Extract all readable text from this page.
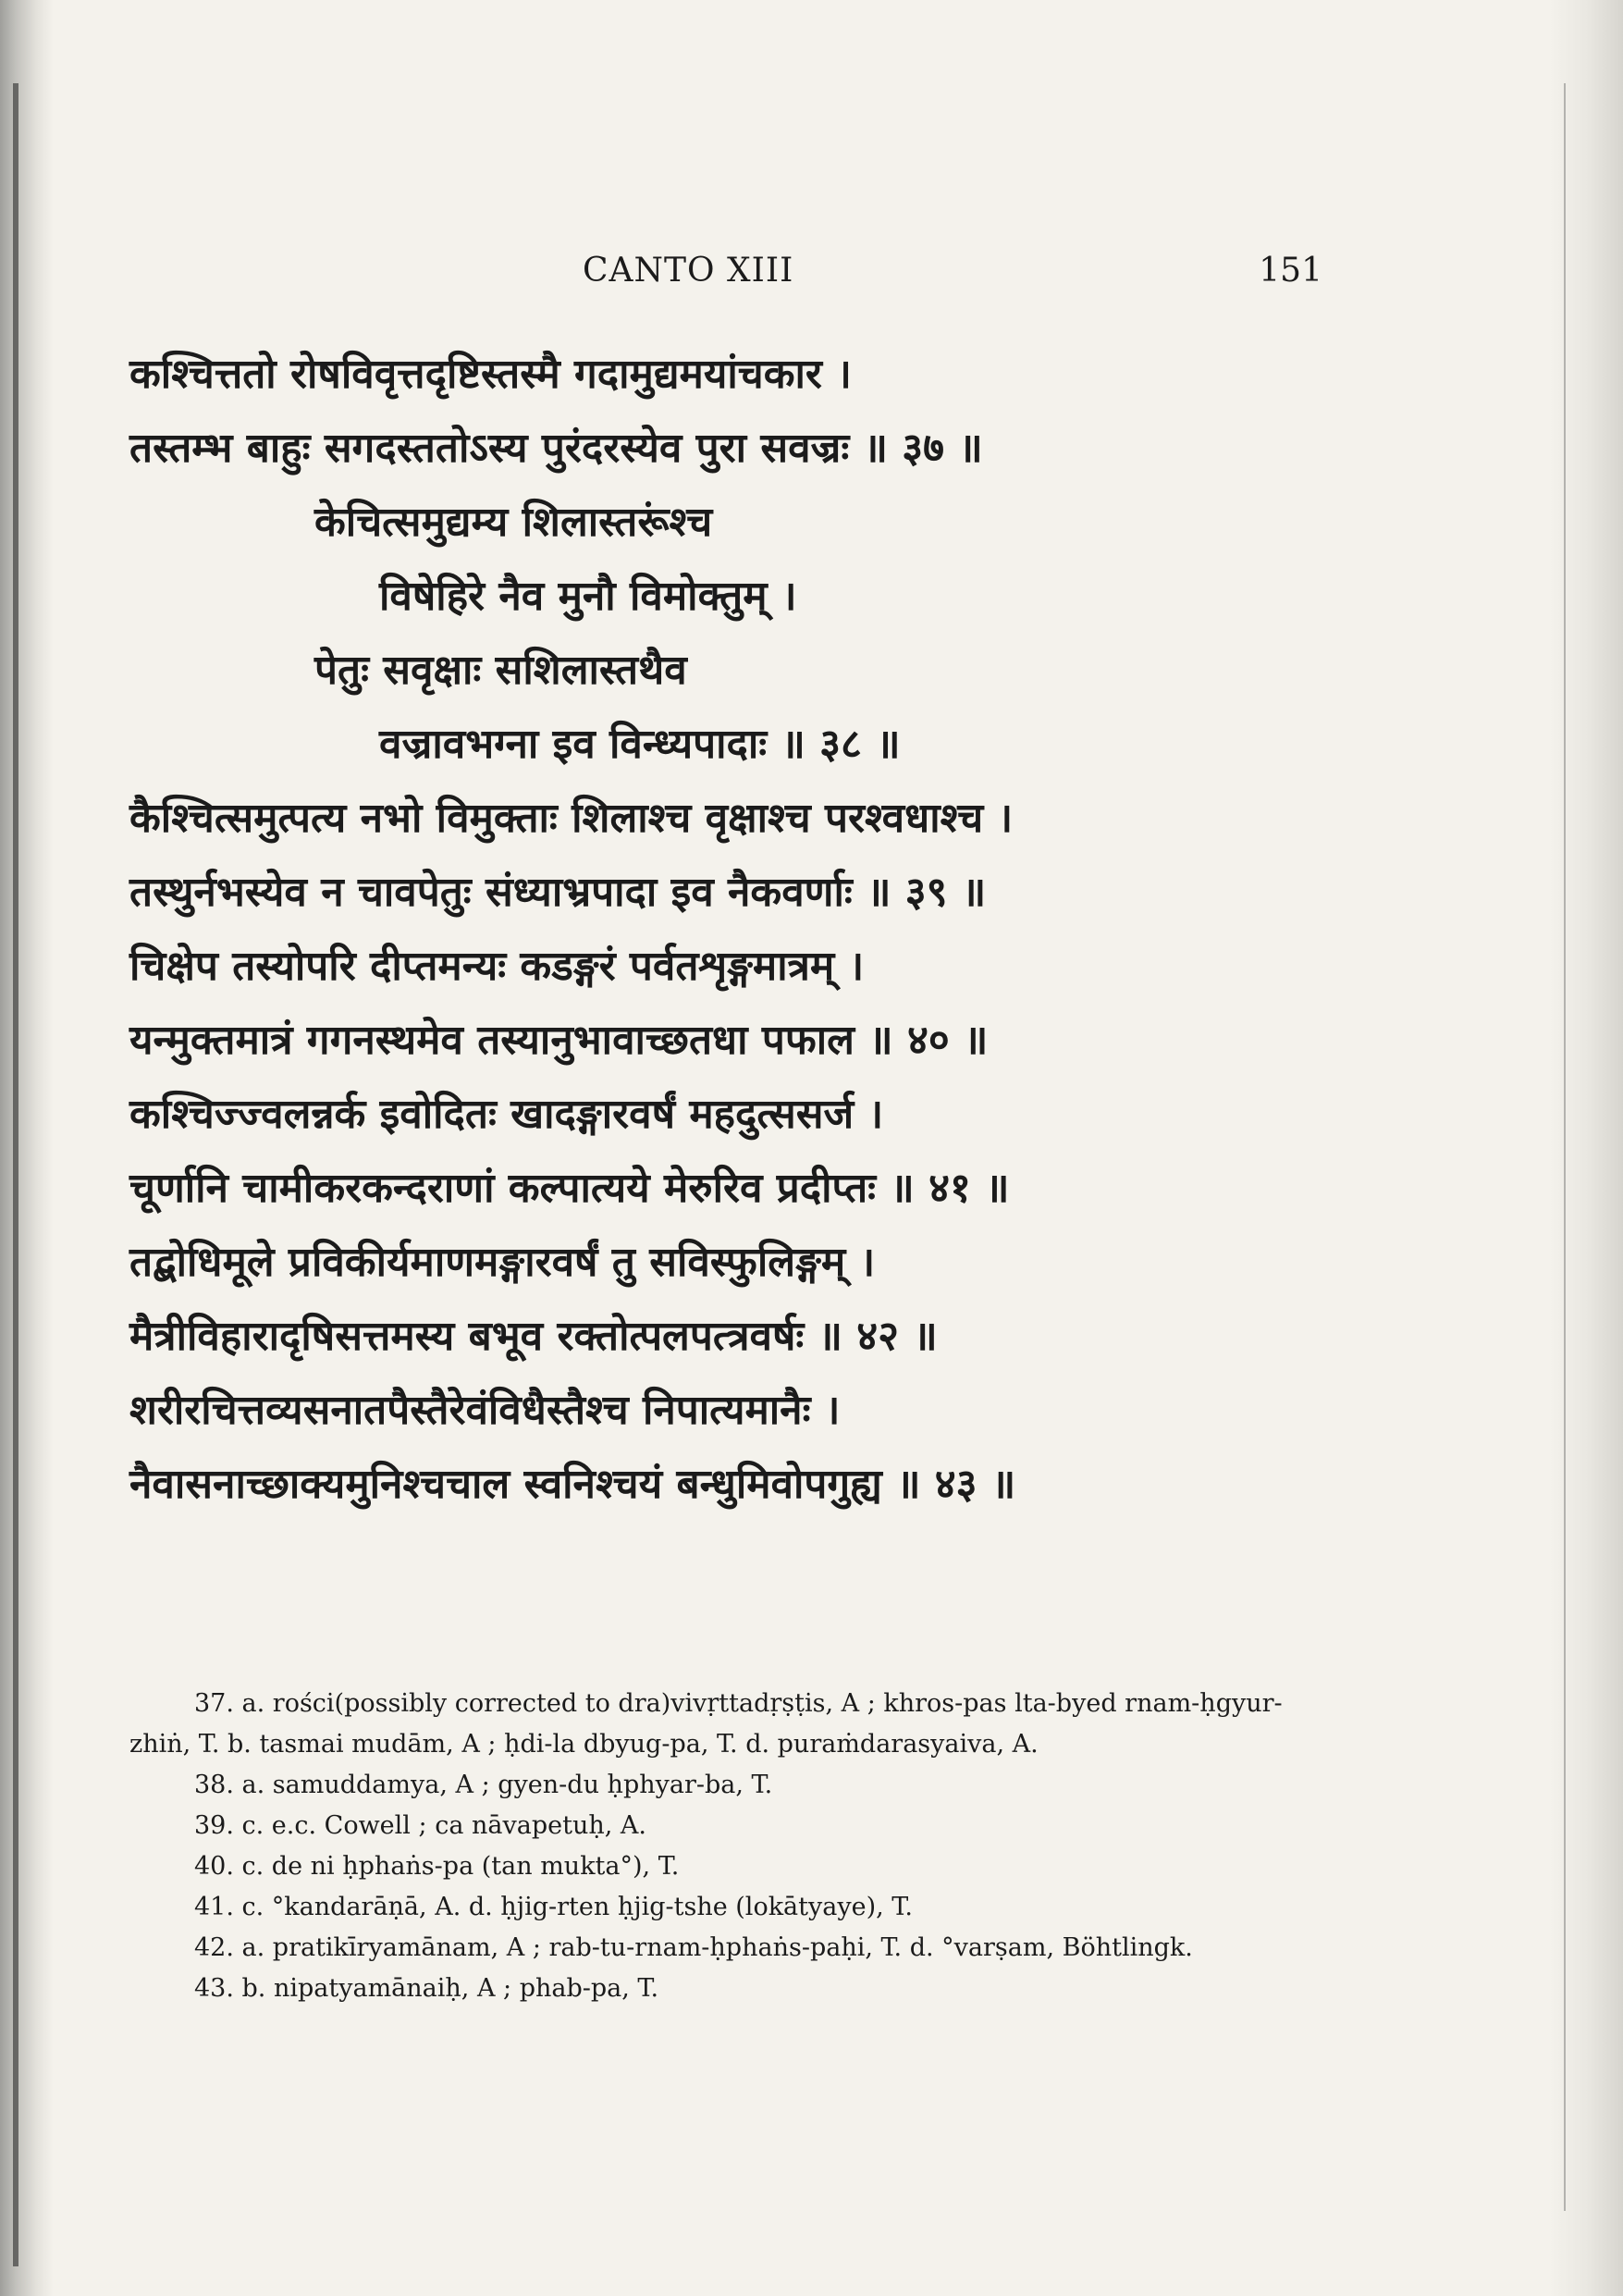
CANTO XIII	151
कश्चित्ततो रोषविवृत्तदृष्टिस्तस्मै गदामुद्यमयांचकार ।
तस्तम्भ बाहुः सगदस्ततोऽस्य पुरंदरस्येव पुरा सवज्रः ॥ ३७ ॥
केचित्समुद्यम्य शिलास्तरूंश्च
विषेहिरे नैव मुनौ विमोक्तुम् ।
पेतुः सवृक्षाः सशिलास्तथैव
वज्रावभग्ना इव विन्ध्यपादाः ॥ ३८ ॥
कैश्चित्समुत्पत्य नभो विमुक्ताः शिलाश्च वृक्षाश्च परश्वधाश्च ।
तस्थुर्नभस्येव न चावपेतुः संध्याभ्रपादा इव नैकवर्णाः ॥ ३९ ॥
चिक्षेप तस्योपरि दीप्तमन्यः कडङ्गरं पर्वतशृङ्गमात्रम् ।
यन्मुक्तमात्रं गगनस्थमेव तस्यानुभावाच्छतधा पफाल ॥ ४० ॥
कश्चिज्ज्वलन्नर्क इवोदितः खादङ्गारवर्षं महदुत्ससर्ज ।
चूर्णानि चामीकरकन्दराणां कल्पात्यये मेरुरिव प्रदीप्तः ॥ ४१ ॥
तद्बोधिमूले प्रविकीर्यमाणमङ्गारवर्षं तु सविस्फुलिङ्गम् ।
मैत्रीविहारादृषिसत्तमस्य बभूव रक्तोत्पलपत्त्रवर्षः ॥ ४२ ॥
शरीरचित्तव्यसनातपैस्तैरेवंविधैस्तैश्च निपात्यमानैः ।
नैवासनाच्छाक्यमुनिश्चचाल स्वनिश्चयं बन्धुमिवोपगुह्य ॥ ४३ ॥
37. a. rości(possibly corrected to dra)vivṛttadṛṣṭis, A ; khros-pas lta-byed rnam-ḥgyur-zhiṅ, T. b. tasmai mudām, A ; ḥdi-la dbyug-pa, T. d. puraṁdarasyaiva, A.
38. a. samuddamya, A ; gyen-du ḥphyar-ba, T.
39. c. e.c. Cowell ; ca nāvapetuḥ, A.
40. c. de ni ḥphaṅs-pa (tan mukta°), T.
41. c. °kandarāṇā, A. d. ḥjig-rten ḥjig-tshe (lokātyaye), T.
42. a. pratikīryamānam, A ; rab-tu-rnam-ḥphaṅs-paḥi, T. d. °varṣam, Böhtlingk.
43. b. nipatyamānaiḥ, A ; phab-pa, T.
